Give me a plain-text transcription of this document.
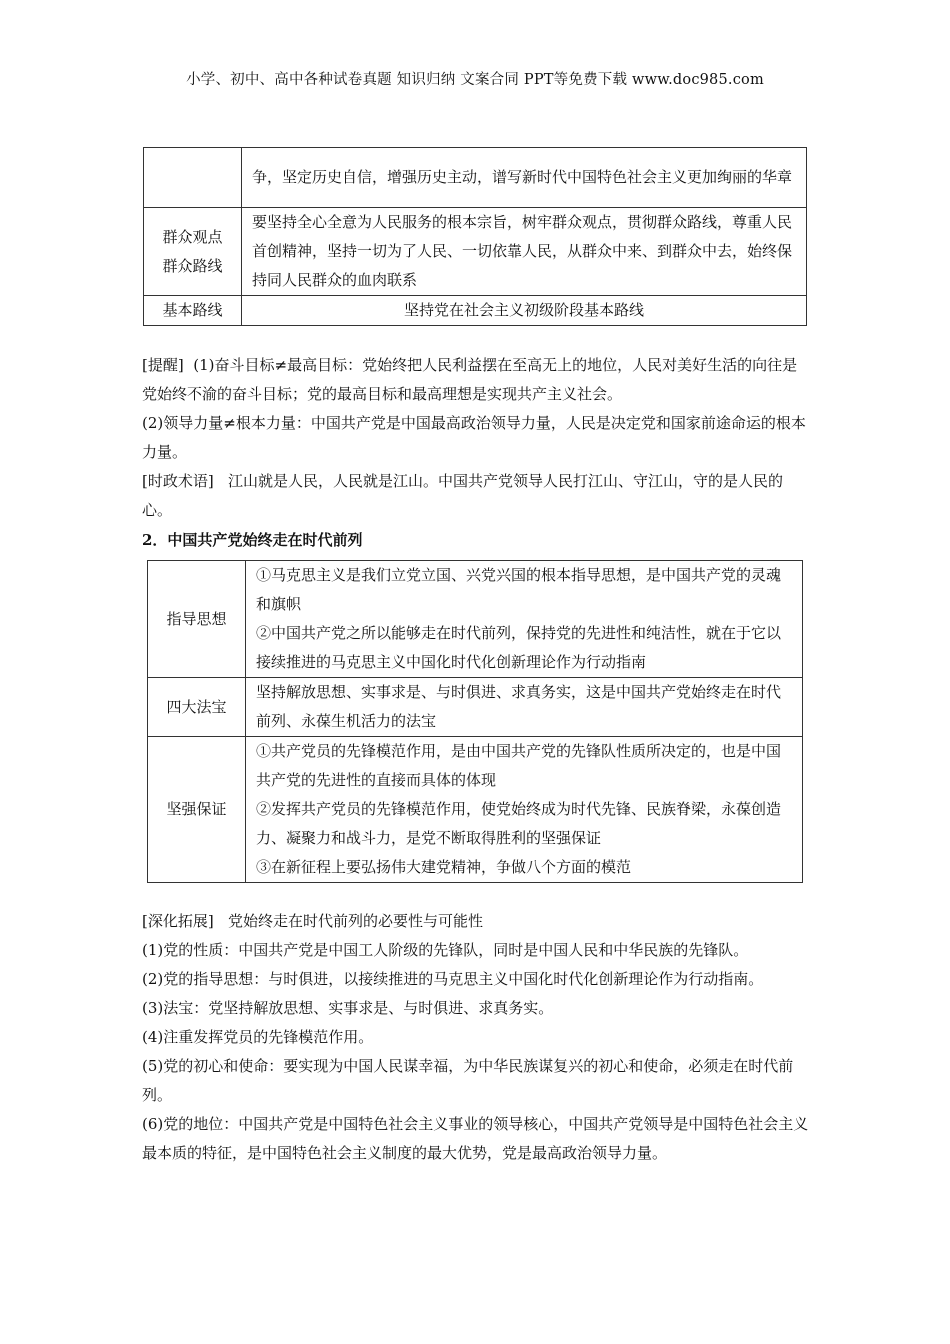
小学、初中、高中各种试卷真题 知识归纳 文案合同 PPT等免费下载 www.doc985.com
	争，坚定历史自信，增强历史主动，谱写新时代中国特色社会主义更加绚丽的华章

群众观点
群众路线	要坚持全心全意为人民服务的根本宗旨，树牢群众观点，贯彻群众路线，尊重人民首创精神，坚持一切为了人民、一切依靠人民，从群众中来、到群众中去，始终保持同人民群众的血肉联系
基本路线	坚持党在社会主义初级阶段基本路线

[提醒] (1)奋斗目标≠最高目标：党始终把人民利益摆在至高无上的地位，人民对美好生活的向往是党始终不渝的奋斗目标；党的最高目标和最高理想是实现共产主义社会。

(2)领导力量≠根本力量：中国共产党是中国最高政治领导力量，人民是决定党和国家前途命运的根本力量。

[时政术语] 江山就是人民，人民就是江山。中国共产党领导人民打江山、守江山，守的是人民的心。

2．中国共产党始终走在时代前列

指导思想	①马克思主义是我们立党立国、兴党兴国的根本指导思想，是中国共产党的灵魂和旗帜
②中国共产党之所以能够走在时代前列，保持党的先进性和纯洁性，就在于它以接续推进的马克思主义中国化时代化创新理论作为行动指南

四大法宝	坚持解放思想、实事求是、与时俱进、求真务实，这是中国共产党始终走在时代前列、永葆生机活力的法宝

坚强保证	①共产党员的先锋模范作用，是由中国共产党的先锋队性质所决定的，也是中国共产党的先进性的直接而具体的体现
②发挥共产党员的先锋模范作用，使党始终成为时代先锋、民族脊梁，永葆创造力、凝聚力和战斗力，是党不断取得胜利的坚强保证
③在新征程上要弘扬伟大建党精神，争做八个方面的模范

[深化拓展] 党始终走在时代前列的必要性与可能性

(1)党的性质：中国共产党是中国工人阶级的先锋队，同时是中国人民和中华民族的先锋队。

(2)党的指导思想：与时俱进，以接续推进的马克思主义中国化时代化创新理论作为行动指南。

(3)法宝：党坚持解放思想、实事求是、与时俱进、求真务实。

(4)注重发挥党员的先锋模范作用。

(5)党的初心和使命：要实现为中国人民谋幸福，为中华民族谋复兴的初心和使命，必须走在时代前列。

(6)党的地位：中国共产党是中国特色社会主义事业的领导核心，中国共产党领导是中国特色社会主义最本质的特征，是中国特色社会主义制度的最大优势，党是最高政治领导力量。
